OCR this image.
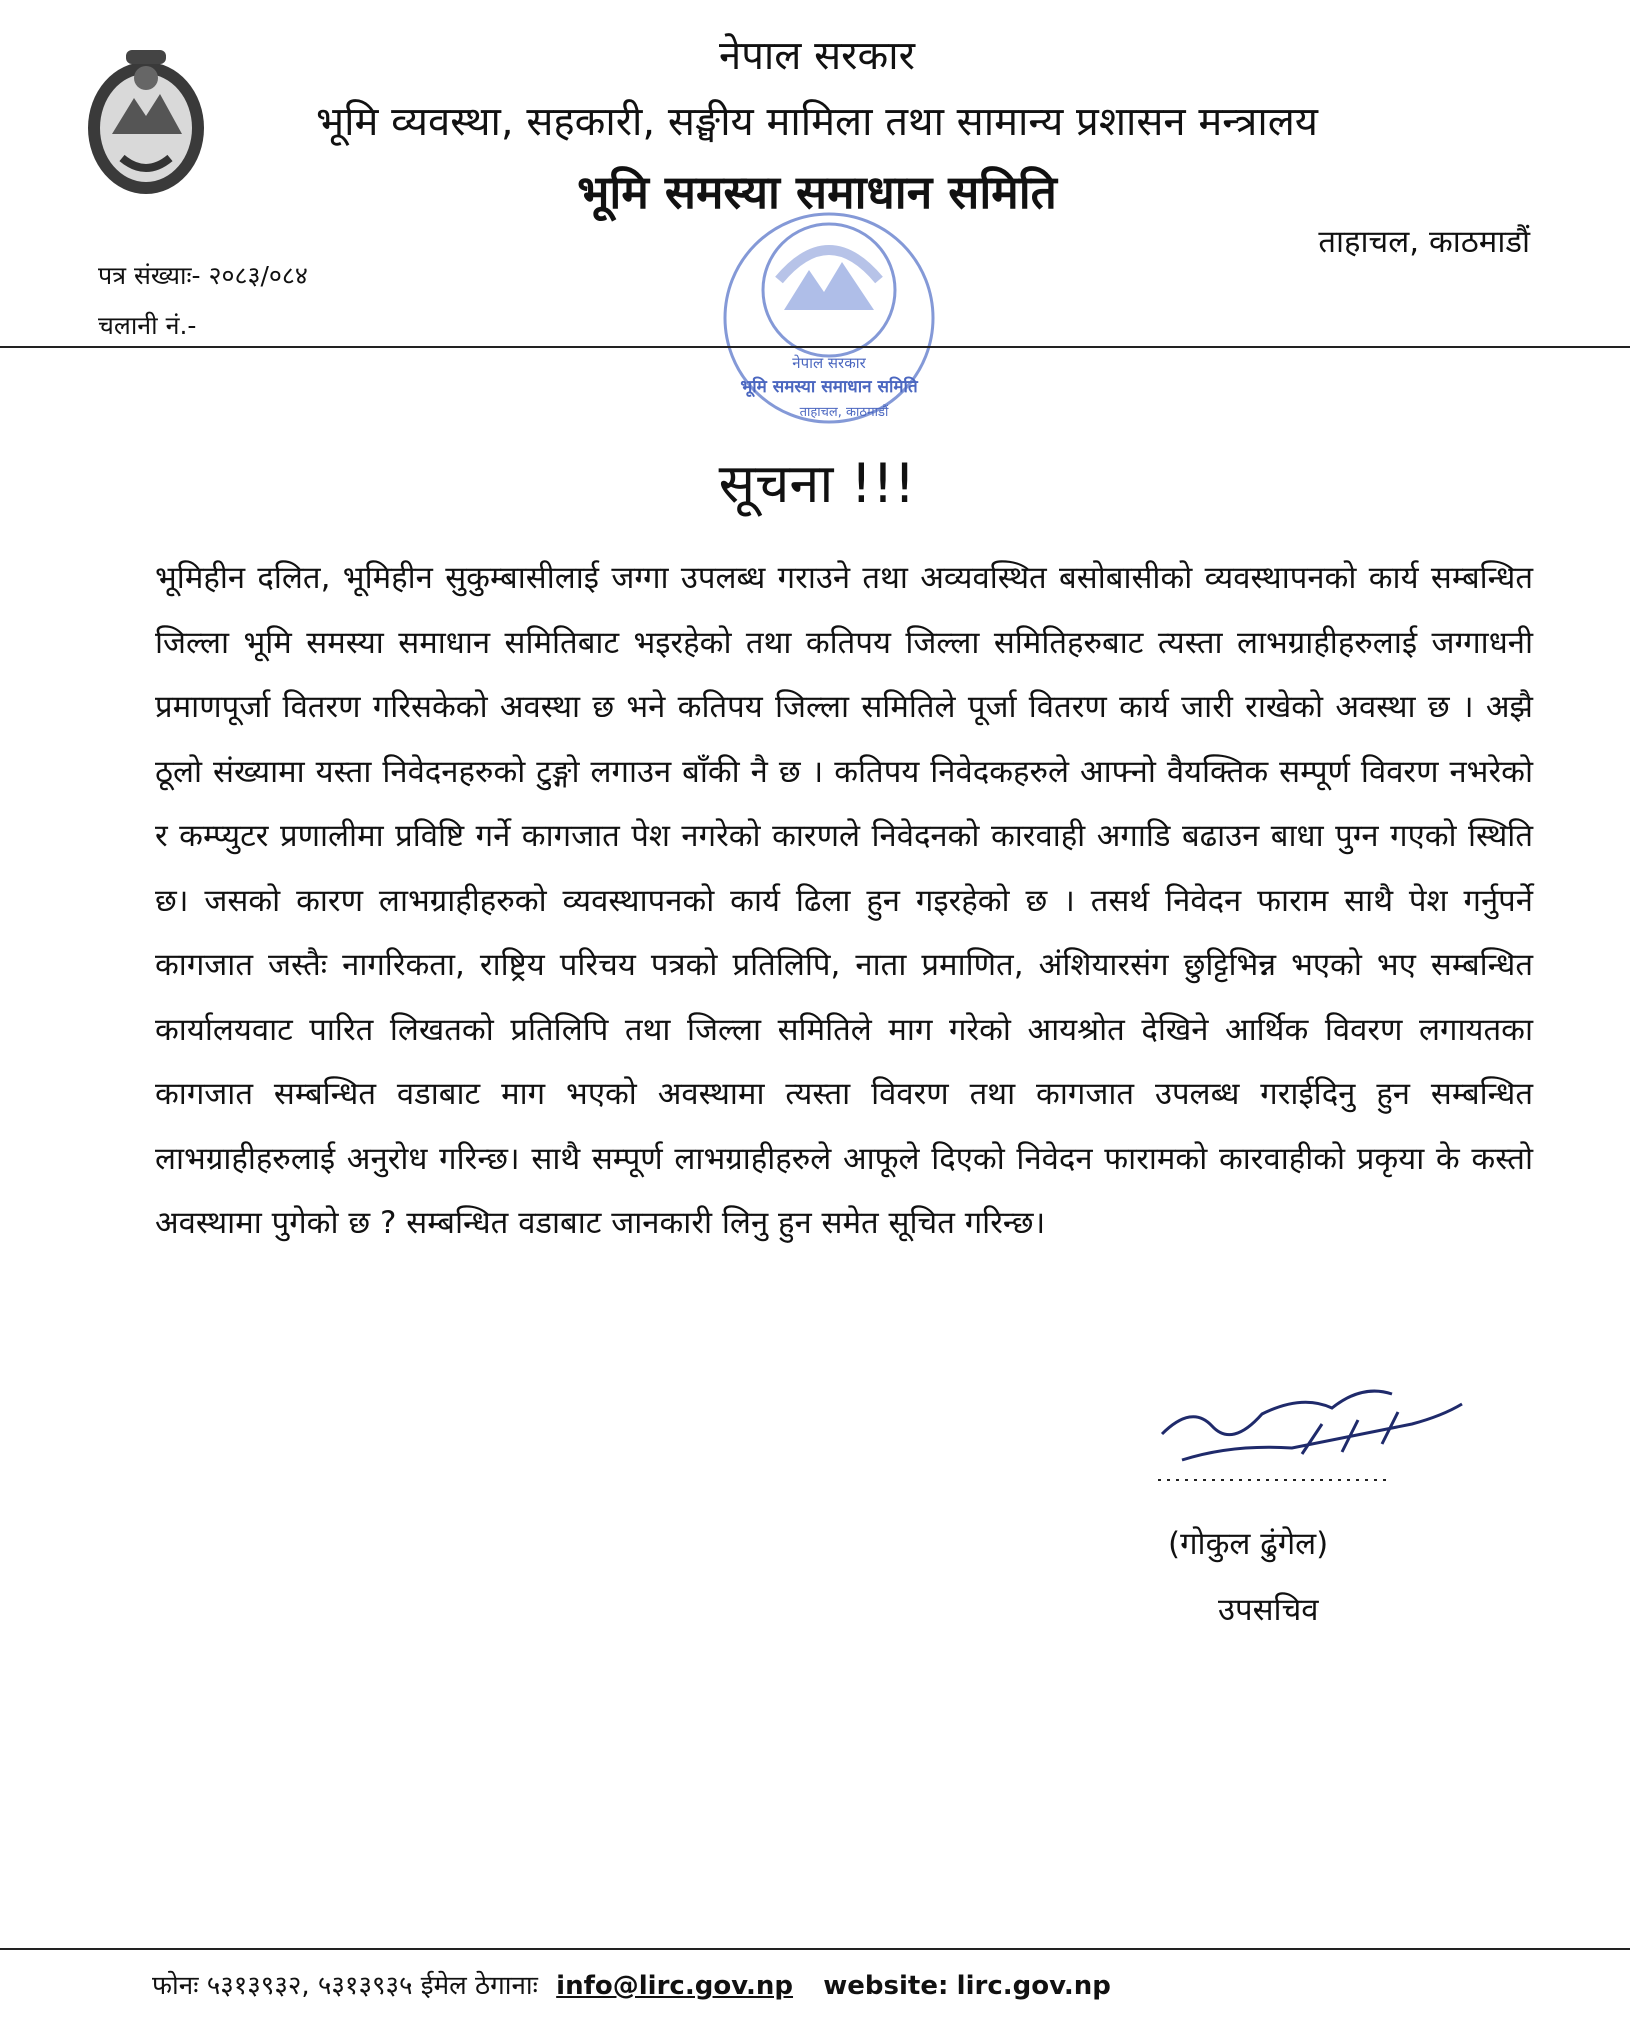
नेपाल सरकार
भूमि व्यवस्था, सहकारी, सङ्घीय मामिला तथा सामान्य प्रशासन मन्त्रालय
भूमि समस्या समाधान समिति
ताहाचल, काठमाडौं
पत्र संख्याः- २०८३/०८४
चलानी नं.-
नेपाल सरकार
भूमि समस्या समाधान समिति
ताहाचल, काठमाडौं
सूचना !!!
भूमिहीन दलित, भूमिहीन सुकुम्बासीलाई जग्गा उपलब्ध गराउने तथा अव्यवस्थित बसोबासीको व्यवस्थापनको कार्य सम्बन्धित जिल्ला भूमि समस्या समाधान समितिबाट भइरहेको तथा कतिपय जिल्ला समितिहरुबाट त्यस्ता लाभग्राहीहरुलाई जग्गाधनी प्रमाणपूर्जा वितरण गरिसकेको अवस्था छ भने कतिपय जिल्ला समितिले पूर्जा वितरण कार्य जारी राखेको अवस्था छ । अझै ठूलो संख्यामा यस्ता निवेदनहरुको टुङ्गो लगाउन बाँकी नै छ । कतिपय निवेदकहरुले आफ्नो वैयक्तिक सम्पूर्ण विवरण नभरेको र कम्प्युटर प्रणालीमा प्रविष्टि गर्ने कागजात पेश नगरेको कारणले निवेदनको कारवाही अगाडि बढाउन बाधा पुग्न गएको स्थिति छ। जसको कारण लाभग्राहीहरुको व्यवस्थापनको कार्य ढिला हुन गइरहेको छ । तसर्थ निवेदन फाराम साथै पेश गर्नुपर्ने कागजात जस्तैः नागरिकता, राष्ट्रिय परिचय पत्रको प्रतिलिपि, नाता प्रमाणित, अंशियारसंग छुट्टिभिन्न भएको भए सम्बन्धित कार्यालयवाट पारित लिखतको प्रतिलिपि तथा जिल्ला समितिले माग गरेको आयश्रोत देखिने आर्थिक विवरण लगायतका कागजात सम्बन्धित वडाबाट माग भएको अवस्थामा त्यस्ता विवरण तथा कागजात उपलब्ध गराईदिनु हुन सम्बन्धित लाभग्राहीहरुलाई अनुरोध गरिन्छ। साथै सम्पूर्ण लाभग्राहीहरुले आफूले दिएको निवेदन फारामको कारवाहीको प्रकृया के कस्तो अवस्थामा पुगेको छ ? सम्बन्धित वडाबाट जानकारी लिनु हुन समेत सूचित गरिन्छ।
(गोकुल ढुंगेल)
उपसचिव
फोनः ५३१३९३२, ५३१३९३५ ईमेल ठेगानाः info@lirc.gov.np website: lirc.gov.np
